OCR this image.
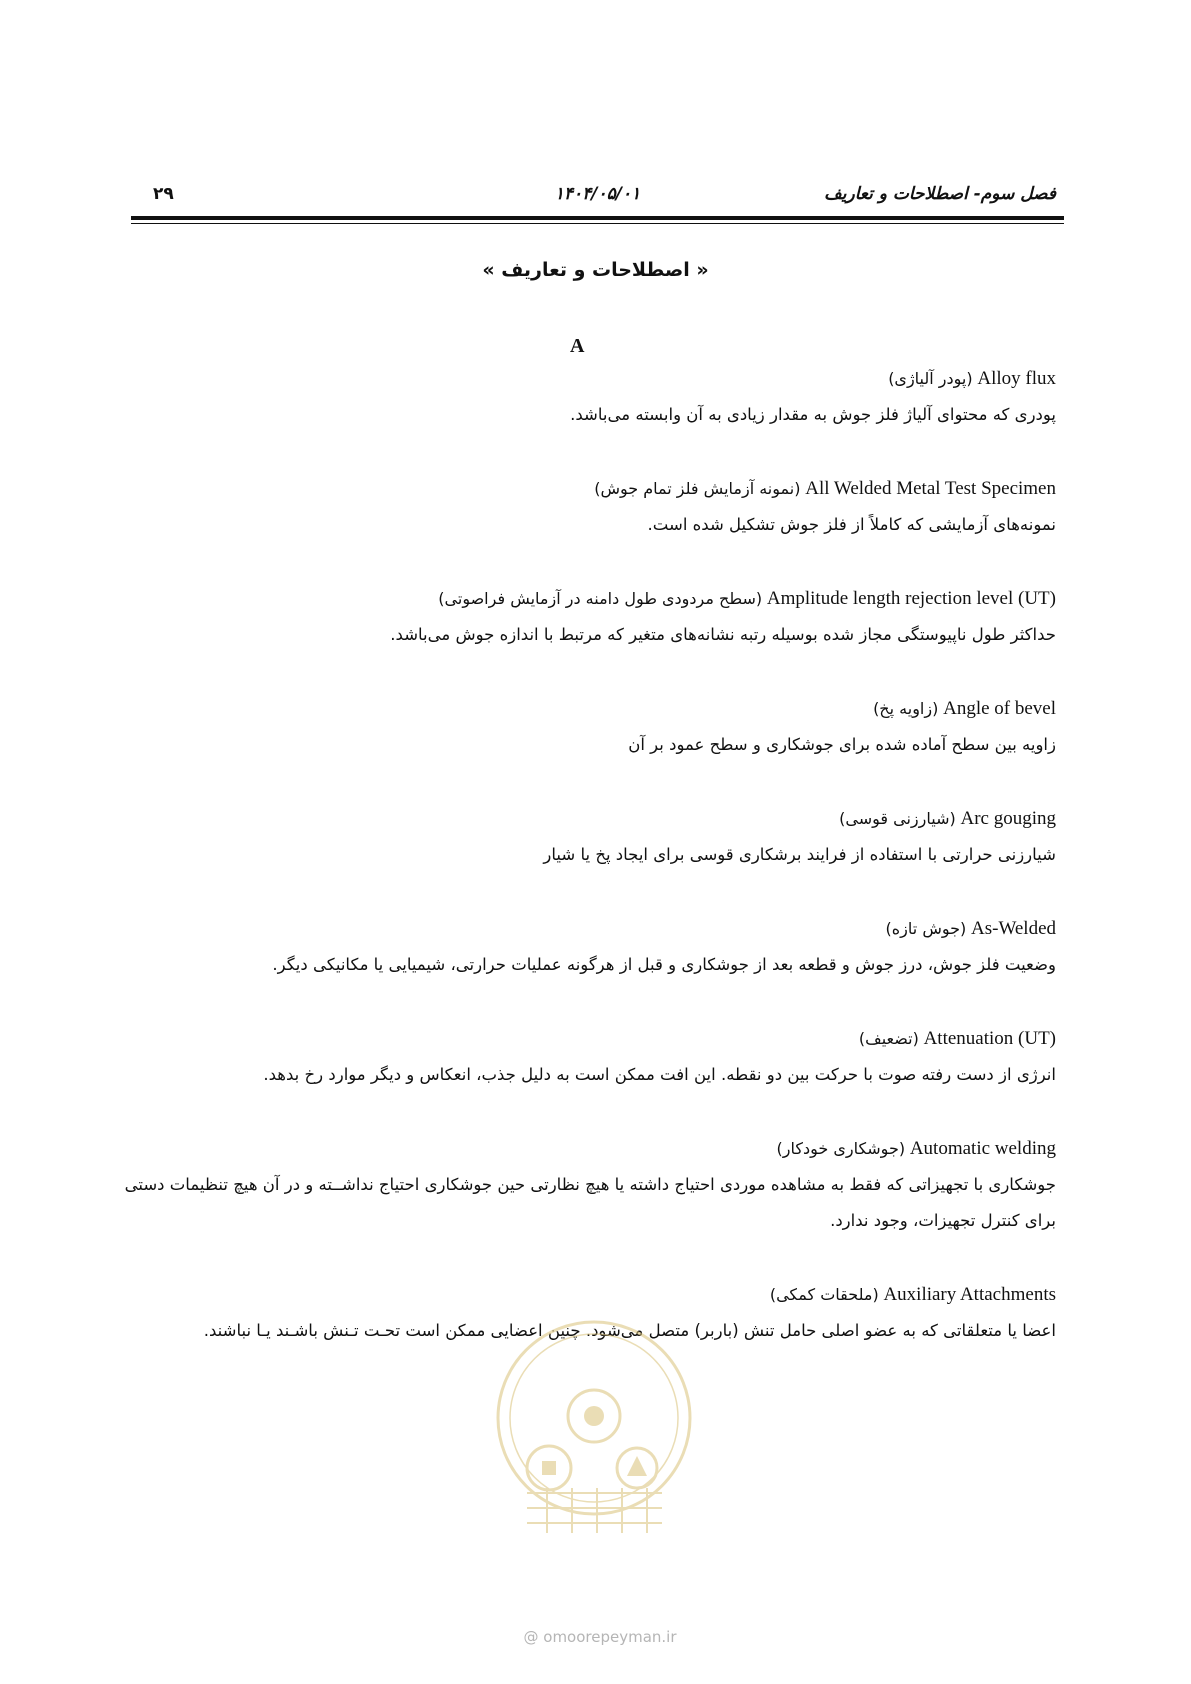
فصل سوم- اصطلاحات و تعاریف
۱۴۰۴/۰۵/۰۱
۲۹
« اصطلاحات و تعاریف »
A
Alloy flux (پودر آلیاژی)
پودری که محتوای آلیاژ فلز جوش به مقدار زیادی به آن وابسته می‌باشد.
All Welded Metal Test Specimen (نمونه آزمایش فلز تمام جوش)
نمونه‌های آزمایشی که کاملاً از فلز جوش تشکیل شده است.
Amplitude length rejection level (UT) (سطح مردودی طول دامنه در آزمایش فراصوتی)
حداکثر طول ناپیوستگی مجاز شده بوسیله رتبه نشانه‌های متغیر که مرتبط با اندازه جوش می‌باشد.
Angle of bevel (زاویه پخ)
زاویه بین سطح آماده شده برای جوشکاری و سطح عمود بر آن
Arc gouging (شیارزنی قوسی)
شیارزنی حرارتی با استفاده از فرایند برشکاری قوسی برای ایجاد پخ یا شیار
As-Welded (جوش تازه)
وضعیت فلز جوش، درز جوش و قطعه بعد از جوشکاری و قبل از هرگونه عملیات حرارتی، شیمیایی یا مکانیکی دیگر.
Attenuation (UT) (تضعیف)
انرژی از دست رفته صوت با حرکت بین دو نقطه. این افت ممکن است به دلیل جذب، انعکاس و دیگر موارد رخ بدهد.
Automatic welding (جوشکاری خودکار)
جوشکاری با تجهیزاتی که فقط به مشاهده موردی احتیاج داشته یا هیچ نظارتی حین جوشکاری احتیاج نداشــته و در آن هیچ تنظیمات دستی برای کنترل تجهیزات، وجود ندارد.
Auxiliary Attachments (ملحقات کمکی)
اعضا یا متعلقاتی که به عضو اصلی حامل تنش (باربر) متصل می‌شود. چنین اعضایی ممکن است تحـت تـنش باشـند یـا نباشند.
@ omoorepeyman.ir
